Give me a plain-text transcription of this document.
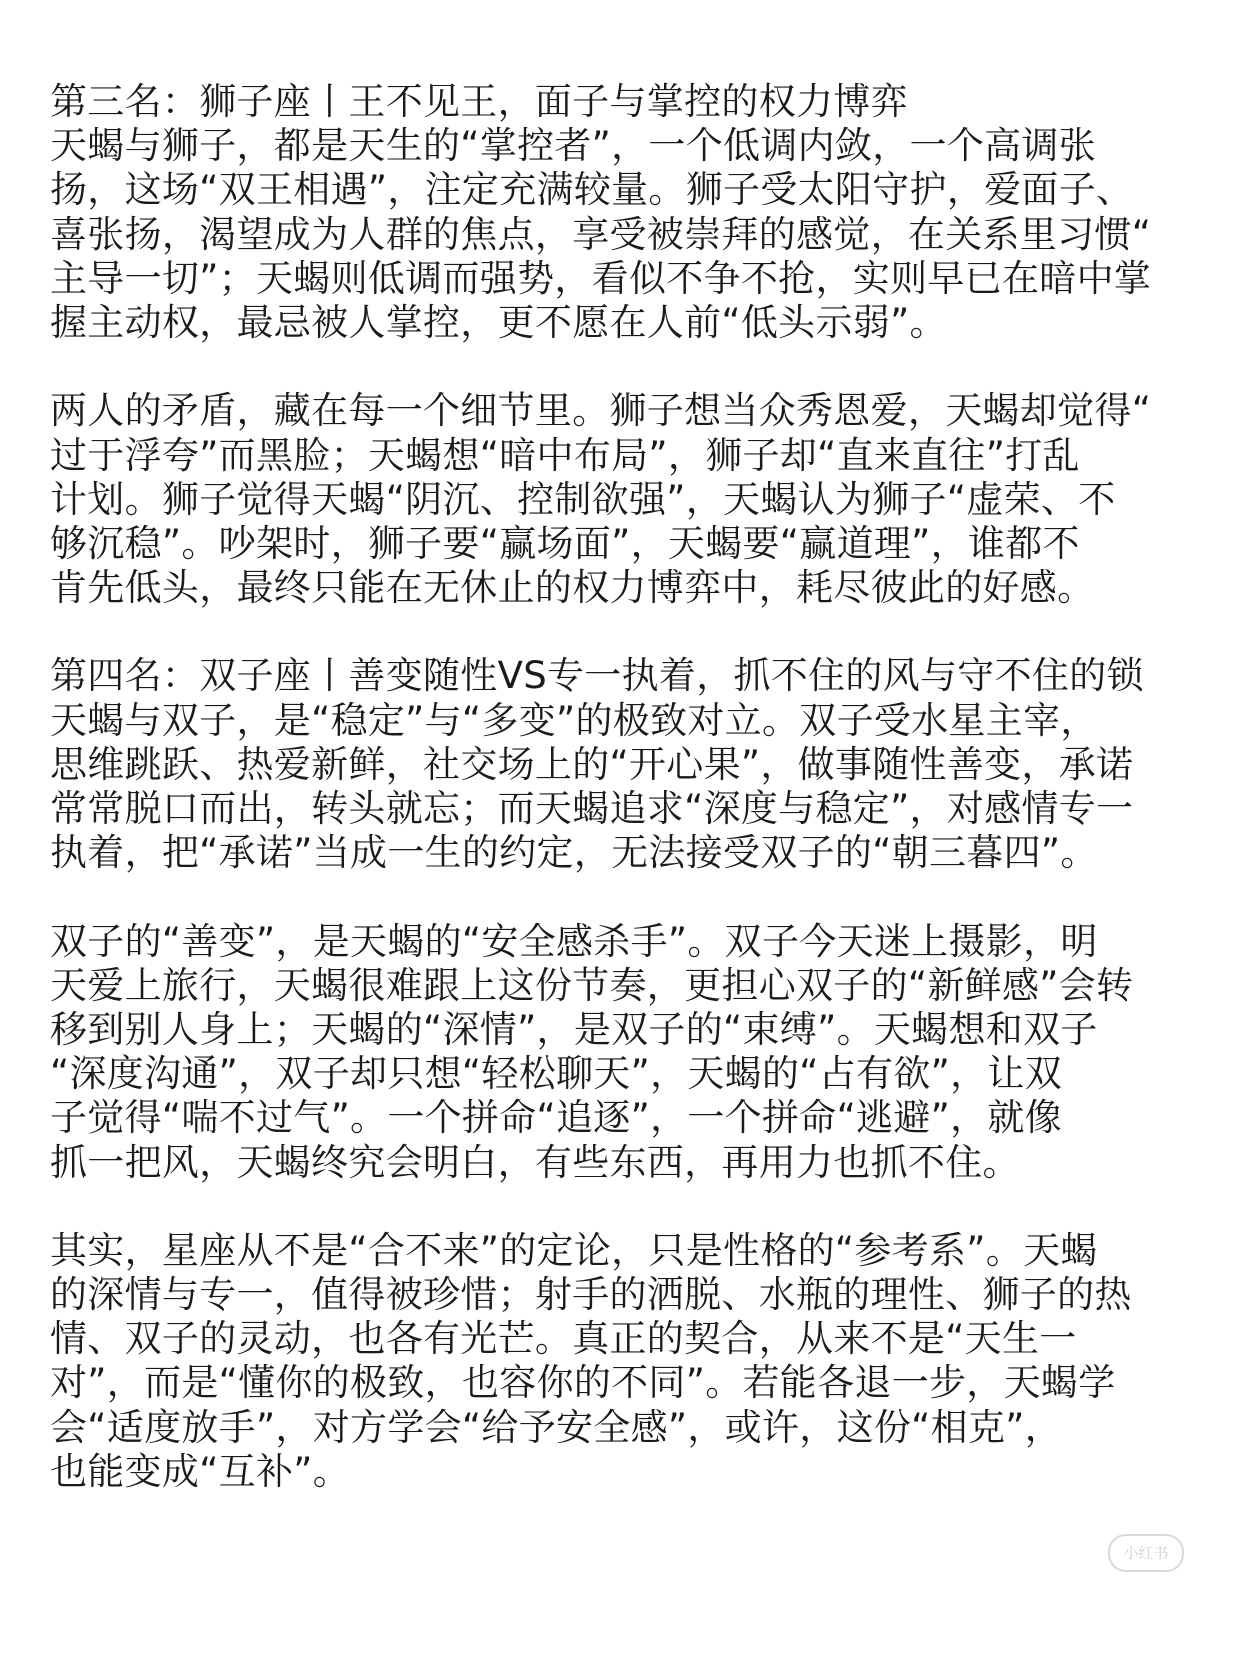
第三名：狮子座丨王不见王，面子与掌控的权力博弈
天蝎与狮子，都是天生的“掌控者”，一个低调内敛，一个高调张
扬，这场“双王相遇”，注定充满较量。狮子受太阳守护，爱面子、
喜张扬，渴望成为人群的焦点，享受被崇拜的感觉，在关系里习惯“
主导一切”；天蝎则低调而强势，看似不争不抢，实则早已在暗中掌
握主动权，最忌被人掌控，更不愿在人前“低头示弱”。
两人的矛盾，藏在每一个细节里。狮子想当众秀恩爱，天蝎却觉得“
过于浮夸”而黑脸；天蝎想“暗中布局”，狮子却“直来直往”打乱
计划。狮子觉得天蝎“阴沉、控制欲强”，天蝎认为狮子“虚荣、不
够沉稳”。吵架时，狮子要“赢场面”，天蝎要“赢道理”，谁都不
肯先低头，最终只能在无休止的权力博弈中，耗尽彼此的好感。
第四名：双子座丨善变随性VS专一执着，抓不住的风与守不住的锁
天蝎与双子，是“稳定”与“多变”的极致对立。双子受水星主宰，
思维跳跃、热爱新鲜，社交场上的“开心果”，做事随性善变，承诺
常常脱口而出，转头就忘；而天蝎追求“深度与稳定”，对感情专一
执着，把“承诺”当成一生的约定，无法接受双子的“朝三暮四”。
双子的“善变”，是天蝎的“安全感杀手”。双子今天迷上摄影，明
天爱上旅行，天蝎很难跟上这份节奏，更担心双子的“新鲜感”会转
移到别人身上；天蝎的“深情”，是双子的“束缚”。天蝎想和双子
“深度沟通”，双子却只想“轻松聊天”，天蝎的“占有欲”，让双
子觉得“喘不过气”。一个拼命“追逐”，一个拼命“逃避”，就像
抓一把风，天蝎终究会明白，有些东西，再用力也抓不住。
其实，星座从不是“合不来”的定论，只是性格的“参考系”。天蝎
的深情与专一，值得被珍惜；射手的洒脱、水瓶的理性、狮子的热
情、双子的灵动，也各有光芒。真正的契合，从来不是“天生一
对”，而是“懂你的极致，也容你的不同”。若能各退一步，天蝎学
会“适度放手”，对方学会“给予安全感”，或许，这份“相克”，
也能变成“互补”。
小红书
